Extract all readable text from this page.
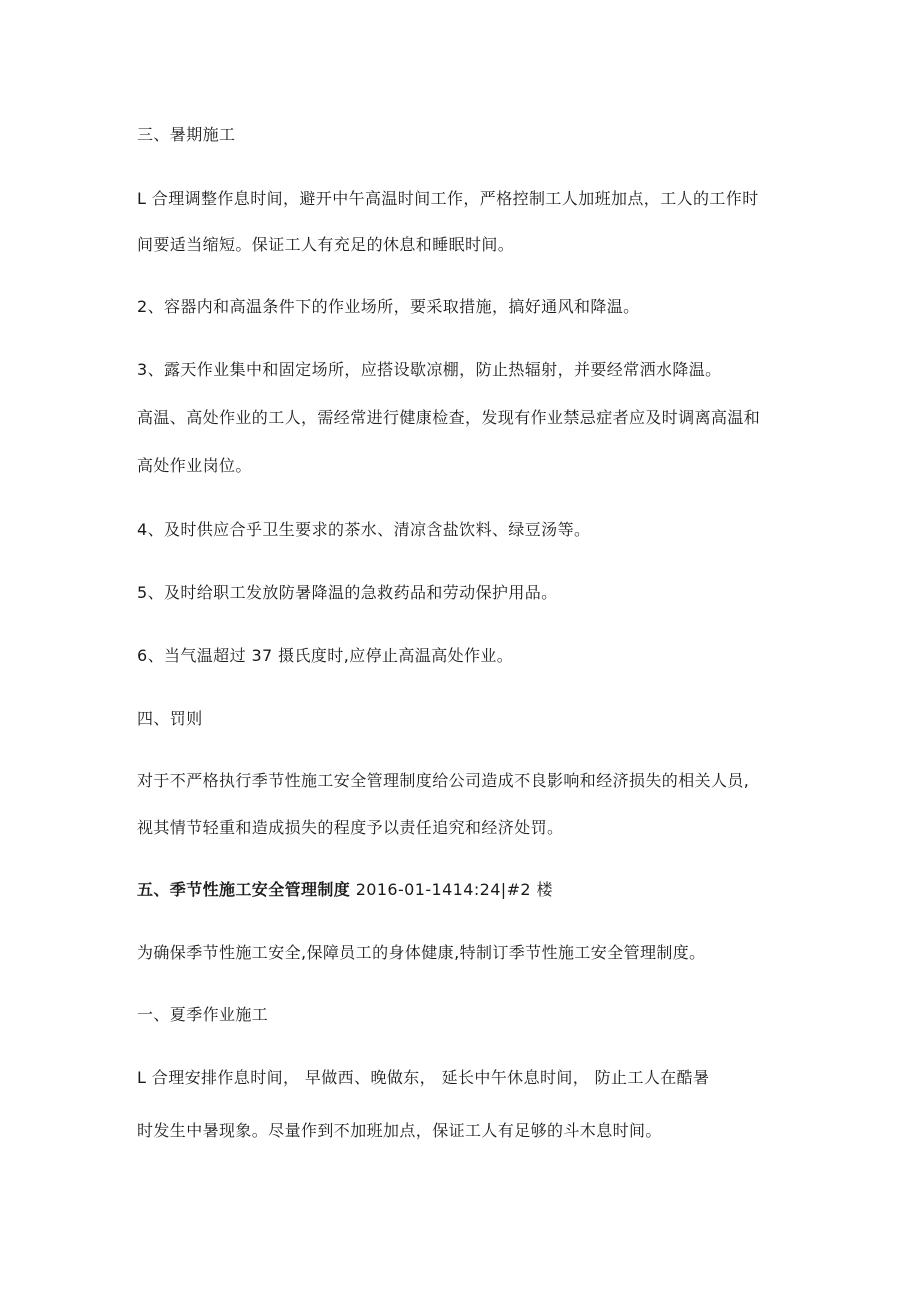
三、暑期施工
L 合理调整作息时间，避开中午高温时间工作，严格控制工人加班加点，工人的工作时
间要适当缩短。保证工人有充足的休息和睡眠时间。
2、容器内和高温条件下的作业场所，要采取措施，搞好通风和降温。
3、露天作业集中和固定场所，应搭设歇凉棚，防止热辐射，并要经常洒水降温。
高温、高处作业的工人，需经常进行健康检查，发现有作业禁忌症者应及时调离高温和
高处作业岗位。
4、及时供应合乎卫生要求的茶水、清凉含盐饮料、绿豆汤等。
5、及时给职工发放防暑降温的急救药品和劳动保护用品。
6、当气温超过 37 摄氏度时,应停止高温高处作业。
四、罚则
对于不严格执行季节性施工安全管理制度给公司造成不良影响和经济损失的相关人员,
视其情节轻重和造成损失的程度予以责任追究和经济处罚。
五、季节性施工安全管理制度 2016-01-1414:24|#2 楼
为确保季节性施工安全,保障员工的身体健康,特制订季节性施工安全管理制度。
一、夏季作业施工
L 合理安排作息时间， 早做西、晚做东， 延长中午休息时间， 防止工人在酷暑
时发生中暑现象。尽量作到不加班加点，保证工人有足够的斗木息时间。
